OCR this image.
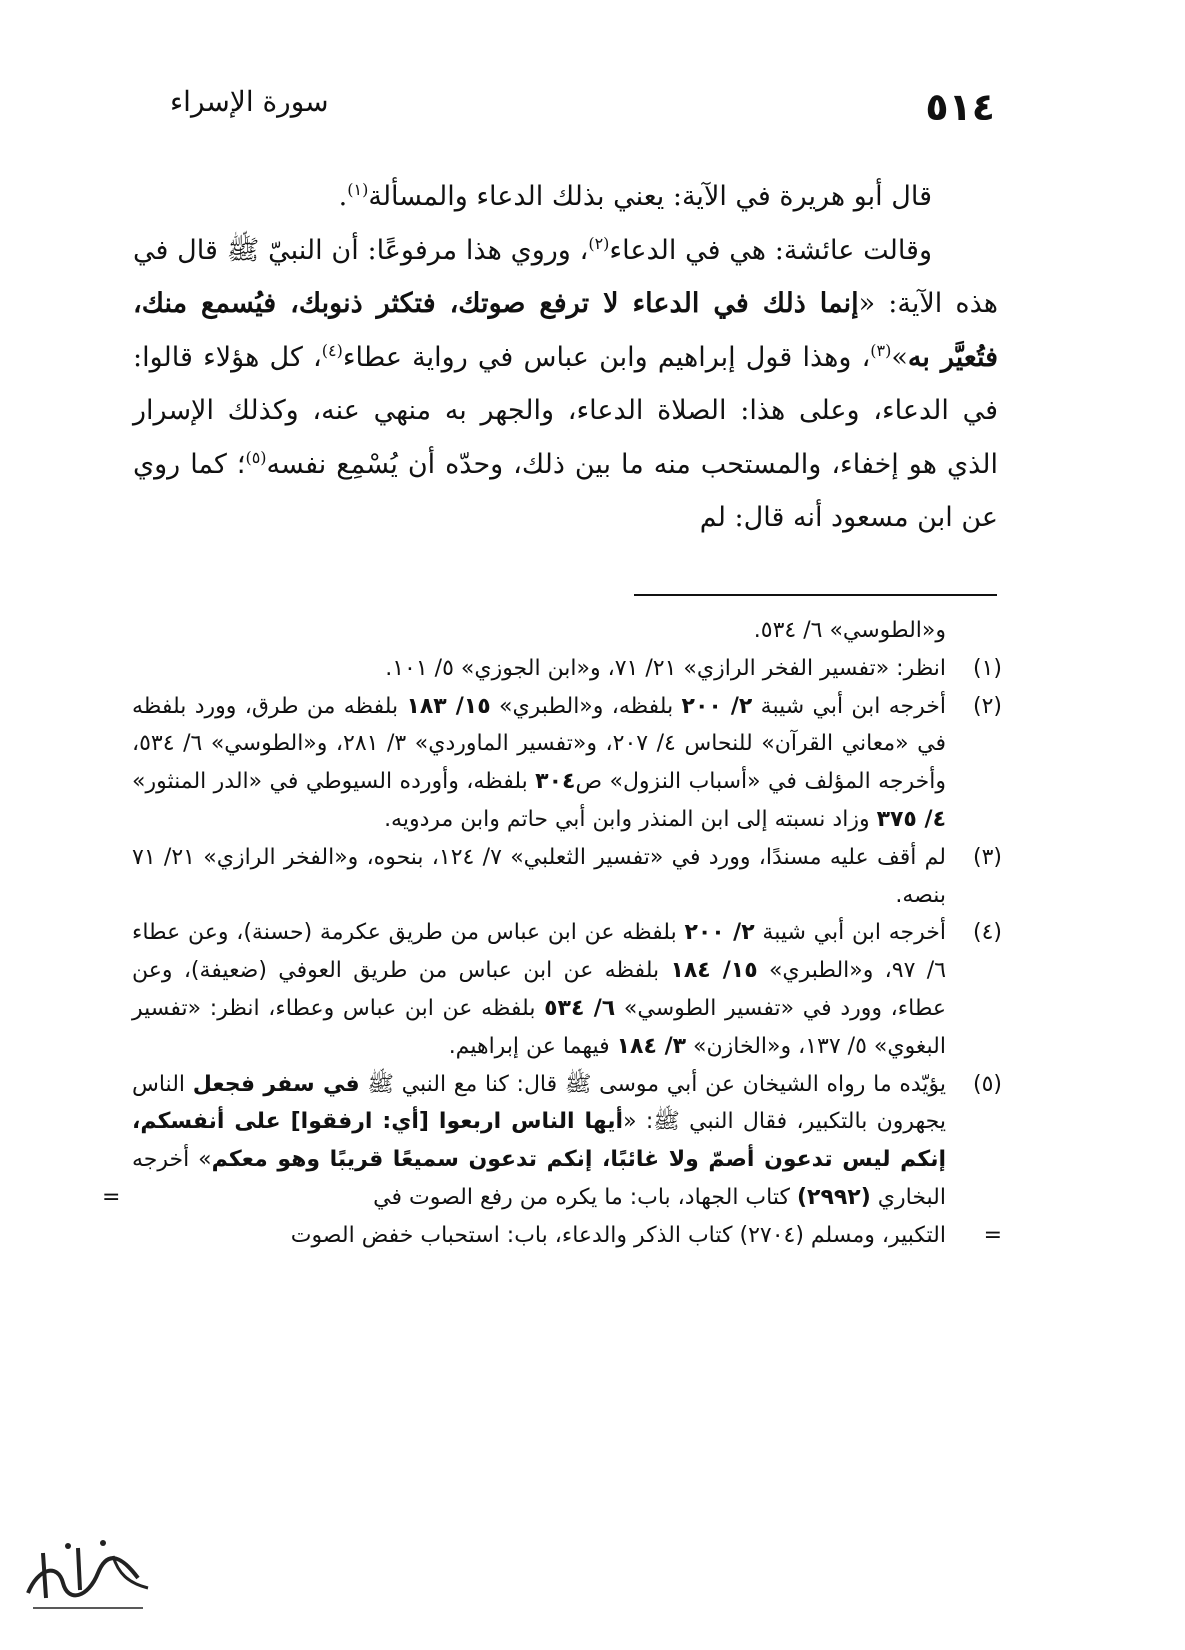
٥١٤
سورة الإسراء

قال أبو هريرة في الآية: يعني بذلك الدعاء والمسألة$^{(١)}$.

وقالت عائشة: هي في الدعاء$^{(٢)}$، وروي هذا مرفوعًا: أن النبيّ ﷺ قال في هذه الآية: «إنما ذلك في الدعاء لا ترفع صوتك، فتكثر ذنوبك، فيُسمع منك، فتُعيَّر به»$^{(٣)}$، وهذا قول إبراهيم وابن عباس في رواية عطاء$^{(٤)}$، كل هؤلاء قالوا: في الدعاء، وعلى هذا: الصلاة الدعاء، والجهر به منهي عنه، وكذلك الإسرار الذي هو إخفاء، والمستحب منه ما بين ذلك، وحدّه أن يُسْمِع نفسه$^{(٥)}$؛ كما روي عن ابن مسعود أنه قال: لم

و«الطوسي» ٦/ ٥٣٤.

(١)
انظر: «تفسير الفخر الرازي» ٢١/ ٧١، و«ابن الجوزي» ٥/ ١٠١.

(٢)
أخرجه ابن أبي شيبة ٢/ ٢٠٠ بلفظه، و«الطبري» ١٥/ ١٨٣ بلفظه من طرق، وورد بلفظه في «معاني القرآن» للنحاس ٤/ ٢٠٧، و«تفسير الماوردي» ٣/ ٢٨١، و«الطوسي» ٦/ ٥٣٤، وأخرجه المؤلف في «أسباب النزول» ص٣٠٤ بلفظه، وأورده السيوطي في «الدر المنثور» ٤/ ٣٧٥ وزاد نسبته إلى ابن المنذر وابن أبي حاتم وابن مردويه.

(٣)
لم أقف عليه مسندًا، وورد في «تفسير الثعلبي» ٧/ ١٢٤، بنحوه، و«الفخر الرازي» ٢١/ ٧١ بنصه.

(٤)
أخرجه ابن أبي شيبة ٢/ ٢٠٠ بلفظه عن ابن عباس من طريق عكرمة (حسنة)، وعن عطاء ٦/ ٩٧، و«الطبري» ١٥/ ١٨٤ بلفظه عن ابن عباس من طريق العوفي (ضعيفة)، وعن عطاء، وورد في «تفسير الطوسي» ٦/ ٥٣٤ بلفظه عن ابن عباس وعطاء، انظر: «تفسير البغوي» ٥/ ١٣٧، و«الخازن» ٣/ ١٨٤ فيهما عن إبراهيم.

(٥)
يؤيّده ما رواه الشيخان عن أبي موسى ﷺ قال: كنا مع النبي ﷺ في سفر فجعل الناس يجهرون بالتكبير، فقال النبي ﷺ: «أيها الناس اربعوا [أي: ارفقوا] على أنفسكم، إنكم ليس تدعون أصمّ ولا غائبًا، إنكم تدعون سميعًا قريبًا وهو معكم» أخرجه البخاري (٢٩٩٢) كتاب الجهاد، باب: ما يكره من رفع الصوت في
=

=
التكبير، ومسلم (٢٧٠٤) كتاب الذكر والدعاء، باب: استحباب خفض الصوت
